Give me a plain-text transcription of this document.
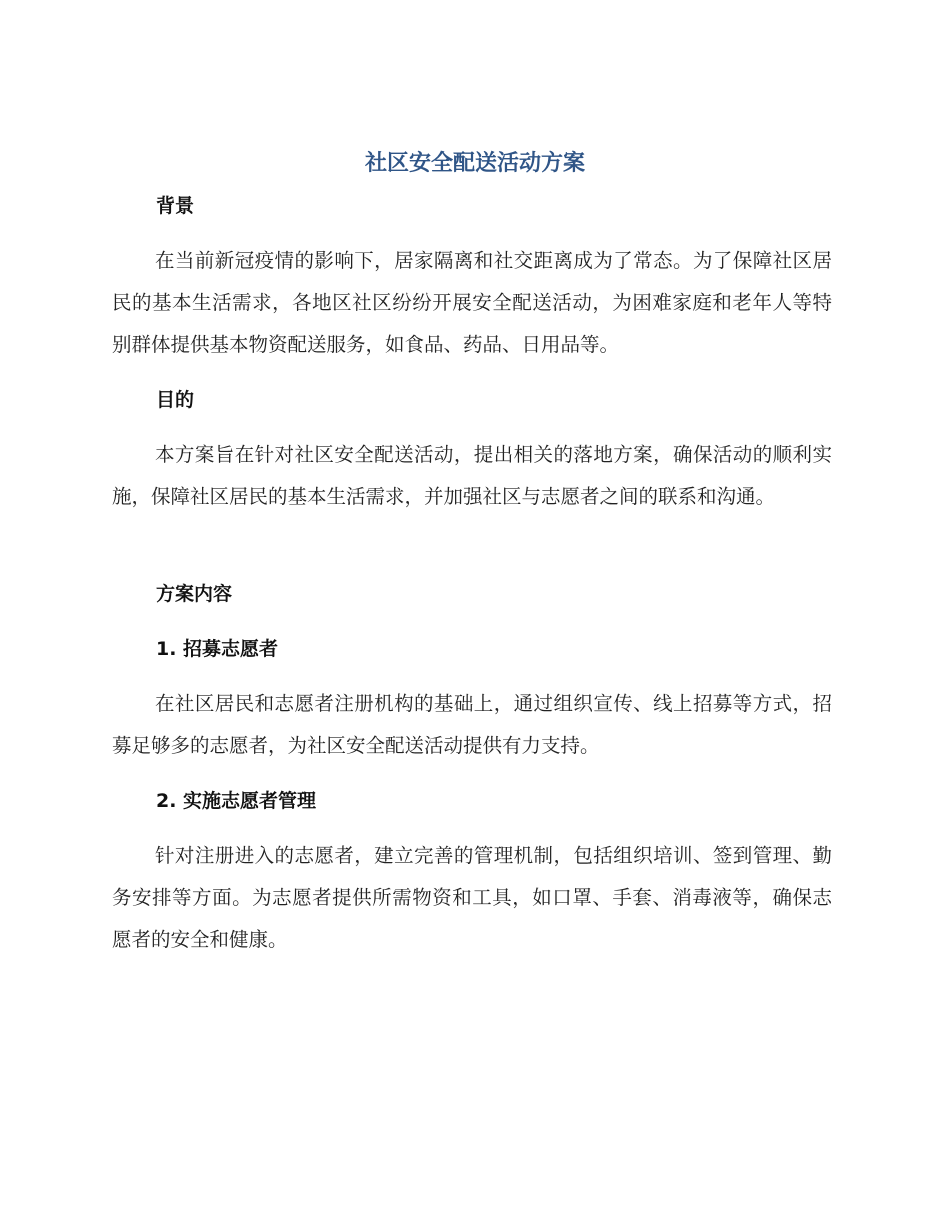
社区安全配送活动方案
背景

在当前新冠疫情的影响下，居家隔离和社交距离成为了常态。为了保障社区居民的基本生活需求，各地区社区纷纷开展安全配送活动，为困难家庭和老年人等特别群体提供基本物资配送服务，如食品、药品、日用品等。

目的

本方案旨在针对社区安全配送活动，提出相关的落地方案，确保活动的顺利实施，保障社区居民的基本生活需求，并加强社区与志愿者之间的联系和沟通。

方案内容
1. 招募志愿者

在社区居民和志愿者注册机构的基础上，通过组织宣传、线上招募等方式，招募足够多的志愿者，为社区安全配送活动提供有力支持。

2. 实施志愿者管理

针对注册进入的志愿者，建立完善的管理机制，包括组织培训、签到管理、勤务安排等方面。为志愿者提供所需物资和工具，如口罩、手套、消毒液等，确保志愿者的安全和健康。
